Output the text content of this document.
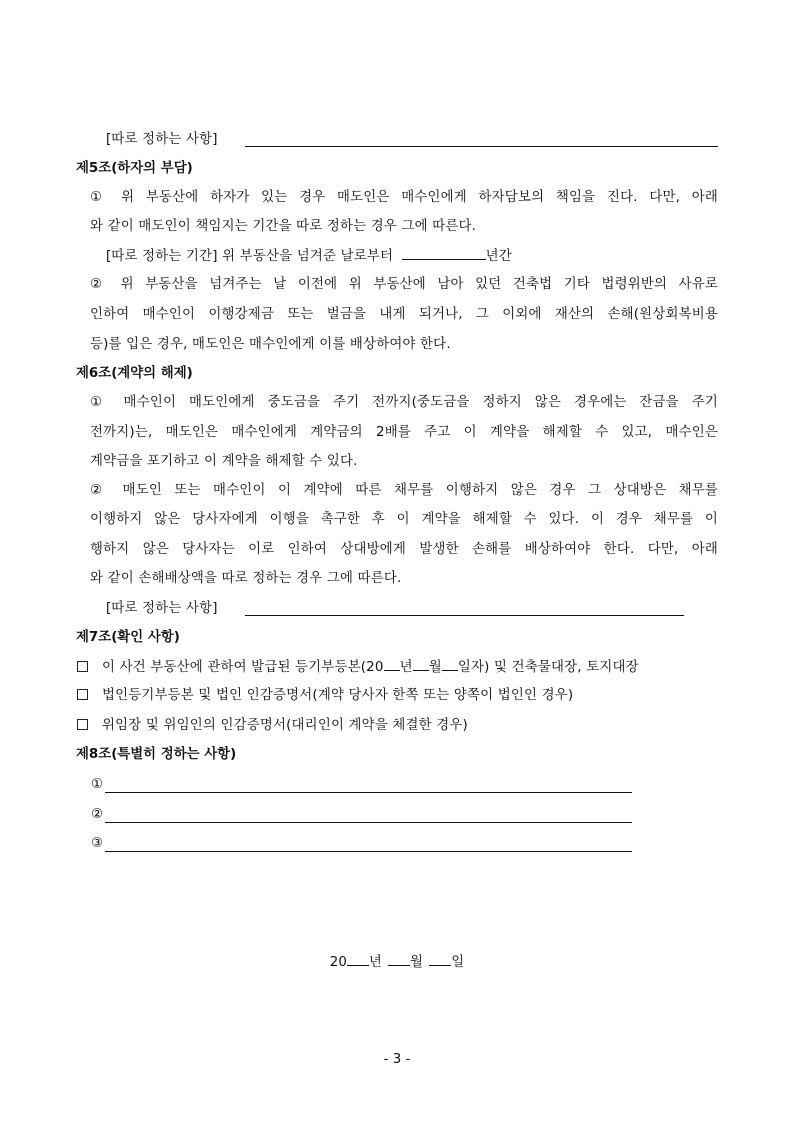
[따로 정하는 사항]
제5조(하자의 부담)
① 위 부동산에 하자가 있는 경우 매도인은 매수인에게 하자담보의 책임을 진다. 다만, 아래
와 같이 매도인이 책임지는 기간을 따로 정하는 경우 그에 따른다.
[따로 정하는 기간] 위 부동산을 넘겨준 날로부터	년간
② 위 부동산을 넘겨주는 날 이전에 위 부동산에 남아 있던 건축법 기타 법령위반의 사유로
인하여 매수인이 이행강제금 또는 벌금을 내게 되거나, 그 이외에 재산의 손해(원상회복비용
등)를 입은 경우, 매도인은 매수인에게 이를 배상하여야 한다.
제6조(계약의 해제)
① 매수인이 매도인에게 중도금을 주기 전까지(중도금을 정하지 않은 경우에는 잔금을 주기
전까지)는, 매도인은 매수인에게 계약금의 2배를 주고 이 계약을 해제할 수 있고, 매수인은
계약금을 포기하고 이 계약을 해제할 수 있다.
② 매도인 또는 매수인이 이 계약에 따른 채무를 이행하지 않은 경우 그 상대방은 채무를
이행하지 않은 당사자에게 이행을 촉구한 후 이 계약을 해제할 수 있다. 이 경우 채무를 이
행하지 않은 당사자는 이로 인하여 상대방에게 발생한 손해를 배상하여야 한다. 다만, 아래
와 같이 손해배상액을 따로 정하는 경우 그에 따른다.
[따로 정하는 사항]
제7조(확인 사항)
이 사건 부동산에 관하여 발급된 등기부등본(20 년 월 일자) 및 건축물대장, 토지대장
법인등기부등본 및 법인 인감증명서(계약 당사자 한쪽 또는 양쪽이 법인인 경우)
위임장 및 위임인의 인감증명서(대리인이 계약을 체결한 경우)
제8조(특별히 정하는 사항)
①
②
③
20 년 월 일
- 3 -
